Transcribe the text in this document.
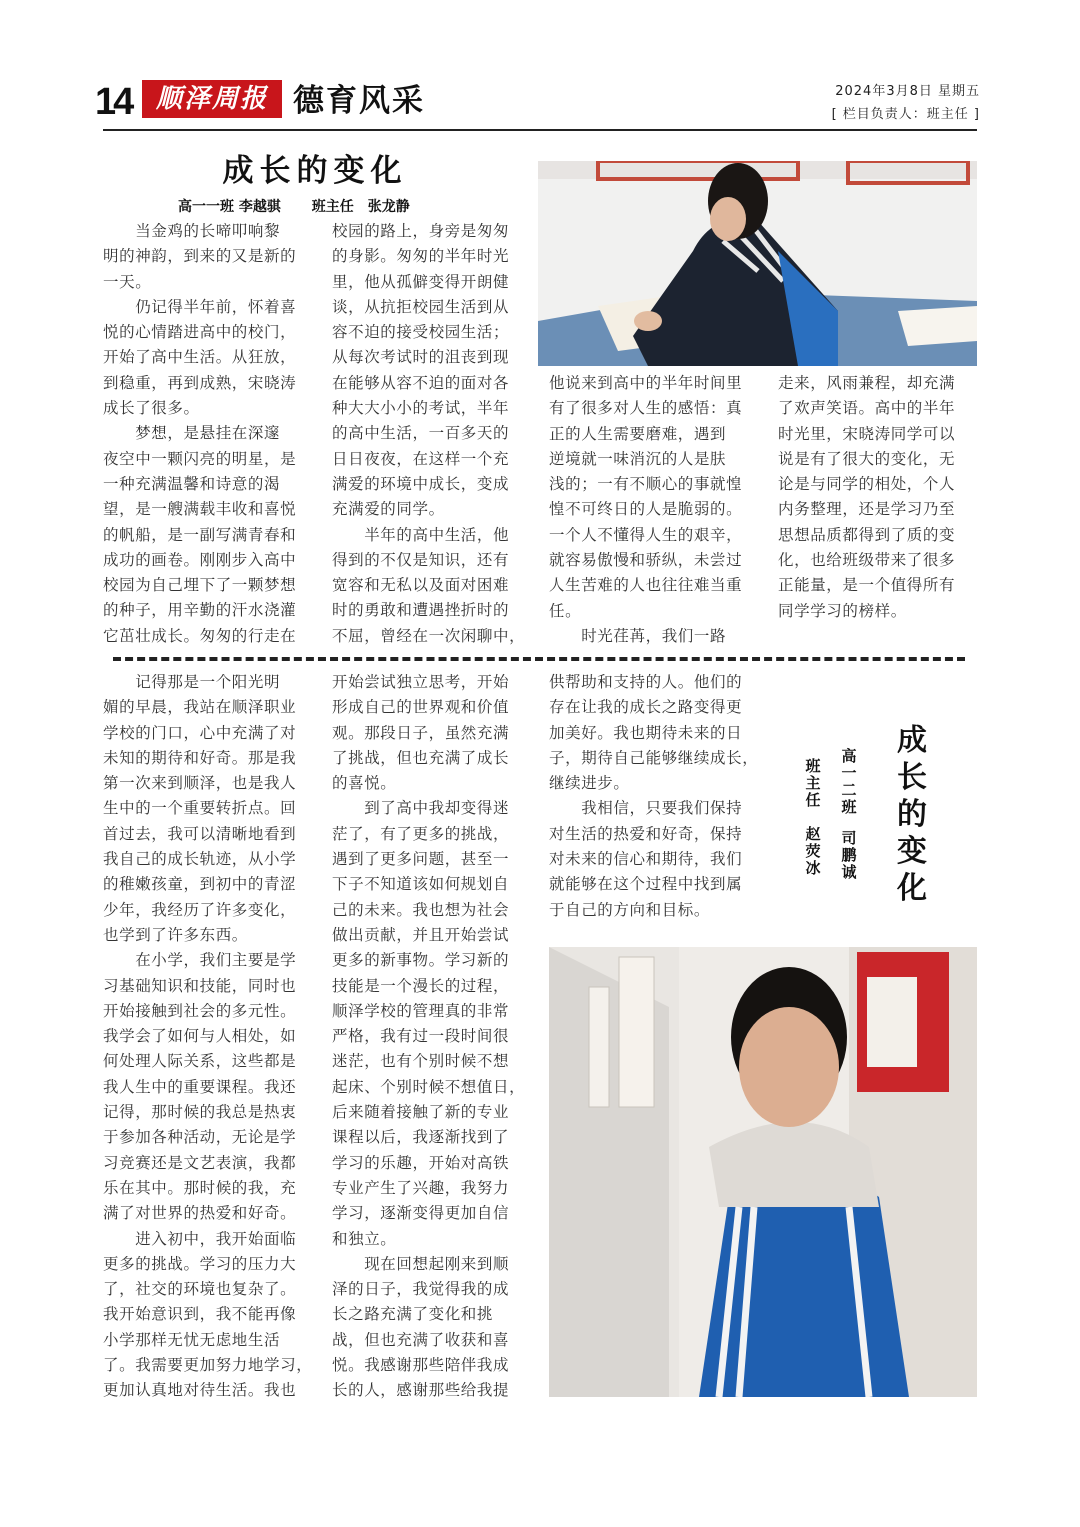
14 顺泽周报 德育风采	2024年3月8日 星期五
[ 栏目负责人：班主任 ]
成长的变化
高一一班 李越骐 班主任　张龙静
　　当金鸡的长啼叩响黎
明的神韵，到来的又是新的
一天。
　　仍记得半年前，怀着喜
悦的心情踏进高中的校门，
开始了高中生活。从狂放，
到稳重，再到成熟，宋晓涛
成长了很多。
　　梦想，是悬挂在深邃
夜空中一颗闪亮的明星，是
一种充满温馨和诗意的渴
望，是一艘满载丰收和喜悦
的帆船，是一副写满青春和
成功的画卷。刚刚步入高中
校园为自己埋下了一颗梦想
的种子，用辛勤的汗水浇灌
它茁壮成长。匆匆的行走在
校园的路上，身旁是匆匆
的身影。匆匆的半年时光
里，他从孤僻变得开朗健
谈，从抗拒校园生活到从
容不迫的接受校园生活；
从每次考试时的沮丧到现
在能够从容不迫的面对各
种大大小小的考试，半年
的高中生活，一百多天的
日日夜夜，在这样一个充
满爱的环境中成长，变成
充满爱的同学。
　　半年的高中生活，他
得到的不仅是知识，还有
宽容和无私以及面对困难
时的勇敢和遭遇挫折时的
不屈，曾经在一次闲聊中，
他说来到高中的半年时间里
有了很多对人生的感悟：真
正的人生需要磨难，遇到
逆境就一味消沉的人是肤
浅的；一有不顺心的事就惶
惶不可终日的人是脆弱的。
一个人不懂得人生的艰辛，
就容易傲慢和骄纵，未尝过
人生苦难的人也往往难当重
任。
　　时光荏苒，我们一路
走来，风雨兼程，却充满
了欢声笑语。高中的半年
时光里，宋晓涛同学可以
说是有了很大的变化，无
论是与同学的相处，个人
内务整理，还是学习乃至
思想品质都得到了质的变
化，也给班级带来了很多
正能量，是一个值得所有
同学学习的榜样。
　　记得那是一个阳光明
媚的早晨，我站在顺泽职业
学校的门口，心中充满了对
未知的期待和好奇。那是我
第一次来到顺泽，也是我人
生中的一个重要转折点。回
首过去，我可以清晰地看到
我自己的成长轨迹，从小学
的稚嫩孩童，到初中的青涩
少年，我经历了许多变化，
也学到了许多东西。
　　在小学，我们主要是学
习基础知识和技能，同时也
开始接触到社会的多元性。
我学会了如何与人相处，如
何处理人际关系，这些都是
我人生中的重要课程。我还
记得，那时候的我总是热衷
于参加各种活动，无论是学
习竞赛还是文艺表演，我都
乐在其中。那时候的我，充
满了对世界的热爱和好奇。
　　进入初中，我开始面临
更多的挑战。学习的压力大
了，社交的环境也复杂了。
我开始意识到，我不能再像
小学那样无忧无虑地生活
了。我需要更加努力地学习，
更加认真地对待生活。我也
开始尝试独立思考，开始
形成自己的世界观和价值
观。那段日子，虽然充满
了挑战，但也充满了成长
的喜悦。
　　到了高中我却变得迷
茫了，有了更多的挑战，
遇到了更多问题，甚至一
下子不知道该如何规划自
己的未来。我也想为社会
做出贡献，并且开始尝试
更多的新事物。学习新的
技能是一个漫长的过程，
顺泽学校的管理真的非常
严格，我有过一段时间很
迷茫，也有个别时候不想
起床、个别时候不想值日，
后来随着接触了新的专业
课程以后，我逐渐找到了
学习的乐趣，开始对高铁
专业产生了兴趣，我努力
学习，逐渐变得更加自信
和独立。
　　现在回想起刚来到顺
泽的日子，我觉得我的成
长之路充满了变化和挑
战，但也充满了收获和喜
悦。我感谢那些陪伴我成
长的人，感谢那些给我提
供帮助和支持的人。他们的
存在让我的成长之路变得更
加美好。我也期待未来的日
子，期待自己能够继续成长，
继续进步。
　　我相信，只要我们保持
对生活的热爱和好奇，保持
对未来的信心和期待，我们
就能够在这个过程中找到属
于自己的方向和目标。
成长的变化
高一二班
司鹏诚
班主任
赵荧冰
